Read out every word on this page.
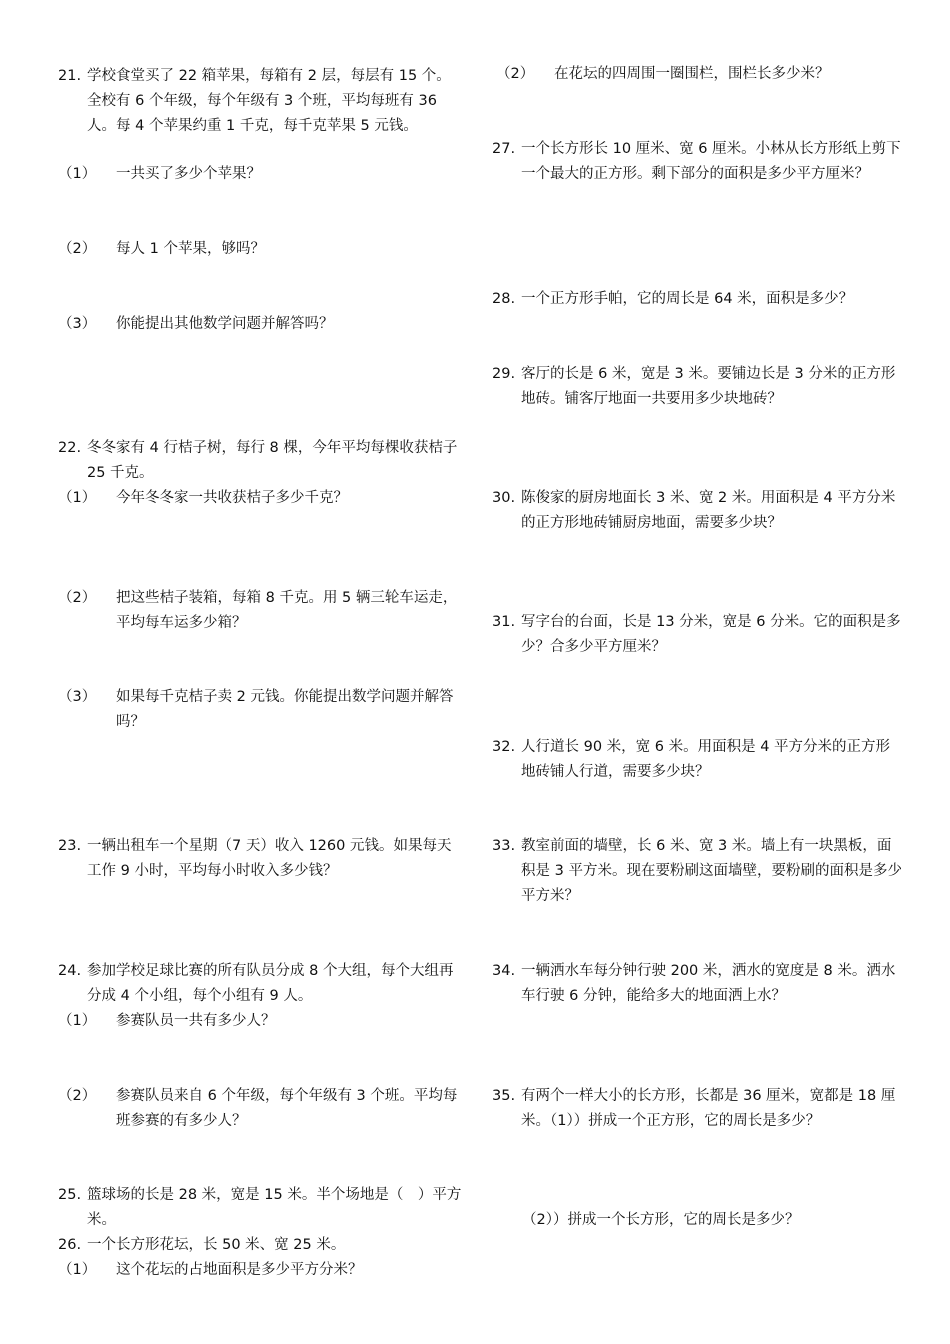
21. 学校食堂买了 22 箱苹果，每箱有 2 层，每层有 15 个。全校有 6 个年级，每个年级有 3 个班，平均每班有 36 人。每 4 个苹果约重 1 千克，每千克苹果 5 元钱。
（1） 一共买了多少个苹果？
（2） 每人 1 个苹果，够吗？
（3） 你能提出其他数学问题并解答吗？
22. 冬冬家有 4 行桔子树，每行 8 棵，今年平均每棵收获桔子 25 千克。
（1） 今年冬冬家一共收获桔子多少千克？
（2） 把这些桔子装箱，每箱 8 千克。用 5 辆三轮车运走，平均每车运多少箱？
（3） 如果每千克桔子卖 2 元钱。你能提出数学问题并解答吗？
23. 一辆出租车一个星期（7 天）收入 1260 元钱。如果每天工作 9 小时，平均每小时收入多少钱？
24. 参加学校足球比赛的所有队员分成 8 个大组，每个大组再分成 4 个小组，每个小组有 9 人。
（1） 参赛队员一共有多少人？
（2） 参赛队员来自 6 个年级，每个年级有 3 个班。平均每班参赛的有多少人？
25. 篮球场的长是 28 米，宽是 15 米。半个场地是（　）平方米。
26. 一个长方形花坛，长 50 米、宽 25 米。
（1） 这个花坛的占地面积是多少平方分米？
（2） 在花坛的四周围一圈围栏，围栏长多少米？
27. 一个长方形长 10 厘米、宽 6 厘米。小林从长方形纸上剪下一个最大的正方形。剩下部分的面积是多少平方厘米？
28. 一个正方形手帕，它的周长是 64 米，面积是多少？
29. 客厅的长是 6 米，宽是 3 米。要铺边长是 3 分米的正方形地砖。铺客厅地面一共要用多少块地砖？
30. 陈俊家的厨房地面长 3 米、宽 2 米。用面积是 4 平方分米的正方形地砖铺厨房地面，需要多少块？
31. 写字台的台面，长是 13 分米，宽是 6 分米。它的面积是多少？合多少平方厘米？
32. 人行道长 90 米，宽 6 米。用面积是 4 平方分米的正方形地砖铺人行道，需要多少块？
33. 教室前面的墙壁，长 6 米、宽 3 米。墙上有一块黑板，面积是 3 平方米。现在要粉刷这面墙壁，要粉刷的面积是多少平方米？
34. 一辆洒水车每分钟行驶 200 米，洒水的宽度是 8 米。洒水车行驶 6 分钟，能给多大的地面洒上水？
35. 有两个一样大小的长方形，长都是 36 厘米，宽都是 18 厘米。（1））拼成一个正方形，它的周长是多少？
（2））拼成一个长方形，它的周长是多少？
